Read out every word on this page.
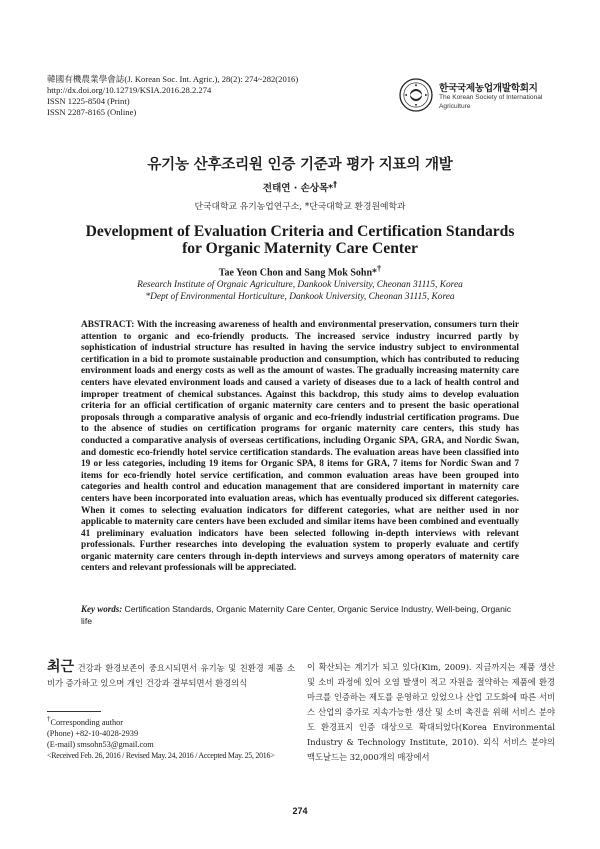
韓國有機農業學會誌(J. Korean Soc. Int. Agric.), 28(2): 274~282(2016)
http://dx.doi.org/10.12719/KSIA.2016.28.2.274
ISSN 1225-8504 (Print)
ISSN 2287-8165 (Online)
한국국제농업개발학회지
The Korean Society of International
Agriculture
유기농 산후조리원 인증 기준과 평가 지표의 개발
전태연 · 손상목*†
단국대학교 유기농업연구소, *단국대학교 환경원예학과
Development of Evaluation Criteria and Certification Standards
for Organic Maternity Care Center
Tae Yeon Chon and Sang Mok Sohn*†
Research Institute of Orgnaic Agriculture, Dankook University, Cheonan 31115, Korea
*Dept of Environmental Horticulture, Dankook University, Cheonan 31115, Korea

ABSTRACT: With the increasing awareness of health and environmental preservation, consumers turn their attention to organic and eco-friendly products. The increased service industry incurred partly by sophistication of industrial structure has resulted in having the service industry subject to environmental certification in a bid to promote sustainable production and consumption, which has contributed to reducing environment loads and energy costs as well as the amount of wastes. The gradually increasing maternity care centers have elevated environment loads and caused a variety of diseases due to a lack of health control and improper treatment of chemical substances. Against this backdrop, this study aims to develop evaluation criteria for an official certification of organic maternity care centers and to present the basic operational proposals through a comparative analysis of organic and eco-friendly industrial certification programs. Due to the absence of studies on certification programs for organic maternity care centers, this study has conducted a comparative analysis of overseas certifications, including Organic SPA, GRA, and Nordic Swan, and domestic eco-friendly hotel service certification standards. The evaluation areas have been classified into 19 or less categories, including 19 items for Organic SPA, 8 items for GRA, 7 items for Nordic Swan and 7 items for eco-friendly hotel service certification, and common evaluation areas have been grouped into categories and health control and education management that are considered important in maternity care centers have been incorporated into evaluation areas, which has eventually produced six different categories. When it comes to selecting evaluation indicators for different categories, what are neither used in nor applicable to maternity care centers have been excluded and similar items have been combined and eventually 41 preliminary evaluation indicators have been selected following in-depth interviews with relevant professionals. Further researches into developing the evaluation system to properly evaluate and certify organic maternity care centers through in-depth interviews and surveys among operators of maternity care centers and relevant professionals will be appreciated.

Key words: Certification Standards, Organic Maternity Care Center, Organic Service Industry, Well-being, Organic life

최근 건강과 환경보존이 중요시되면서 유기농 및 친환경 제품 소비가 증가하고 있으며 개인 건강과 결부되면서 환경의식

이 확산되는 계기가 되고 있다(Kim, 2009). 지금까지는 제품 생산 및 소비 과정에 있어 오염 발생이 적고 자원을 절약하는 제품에 환경마크를 인증하는 제도를 운영하고 있었으나 산업 고도화에 따른 서비스 산업의 증가로 지속가능한 생산 및 소비 촉진을 위해 서비스 분야도 환경표지 인증 대상으로 확대되었다(Korea Environmental Industry & Technology Institute, 2010). 외식 서비스 분야의 맥도날드는 32,000개의 매장에서

†Corresponding author
(Phone) +82-10-4028-2939
(E-mail) smsohn53@gmail.com
<Received Feb. 26, 2016 / Revised May. 24, 2016 / Accepted May. 25, 2016>
274
